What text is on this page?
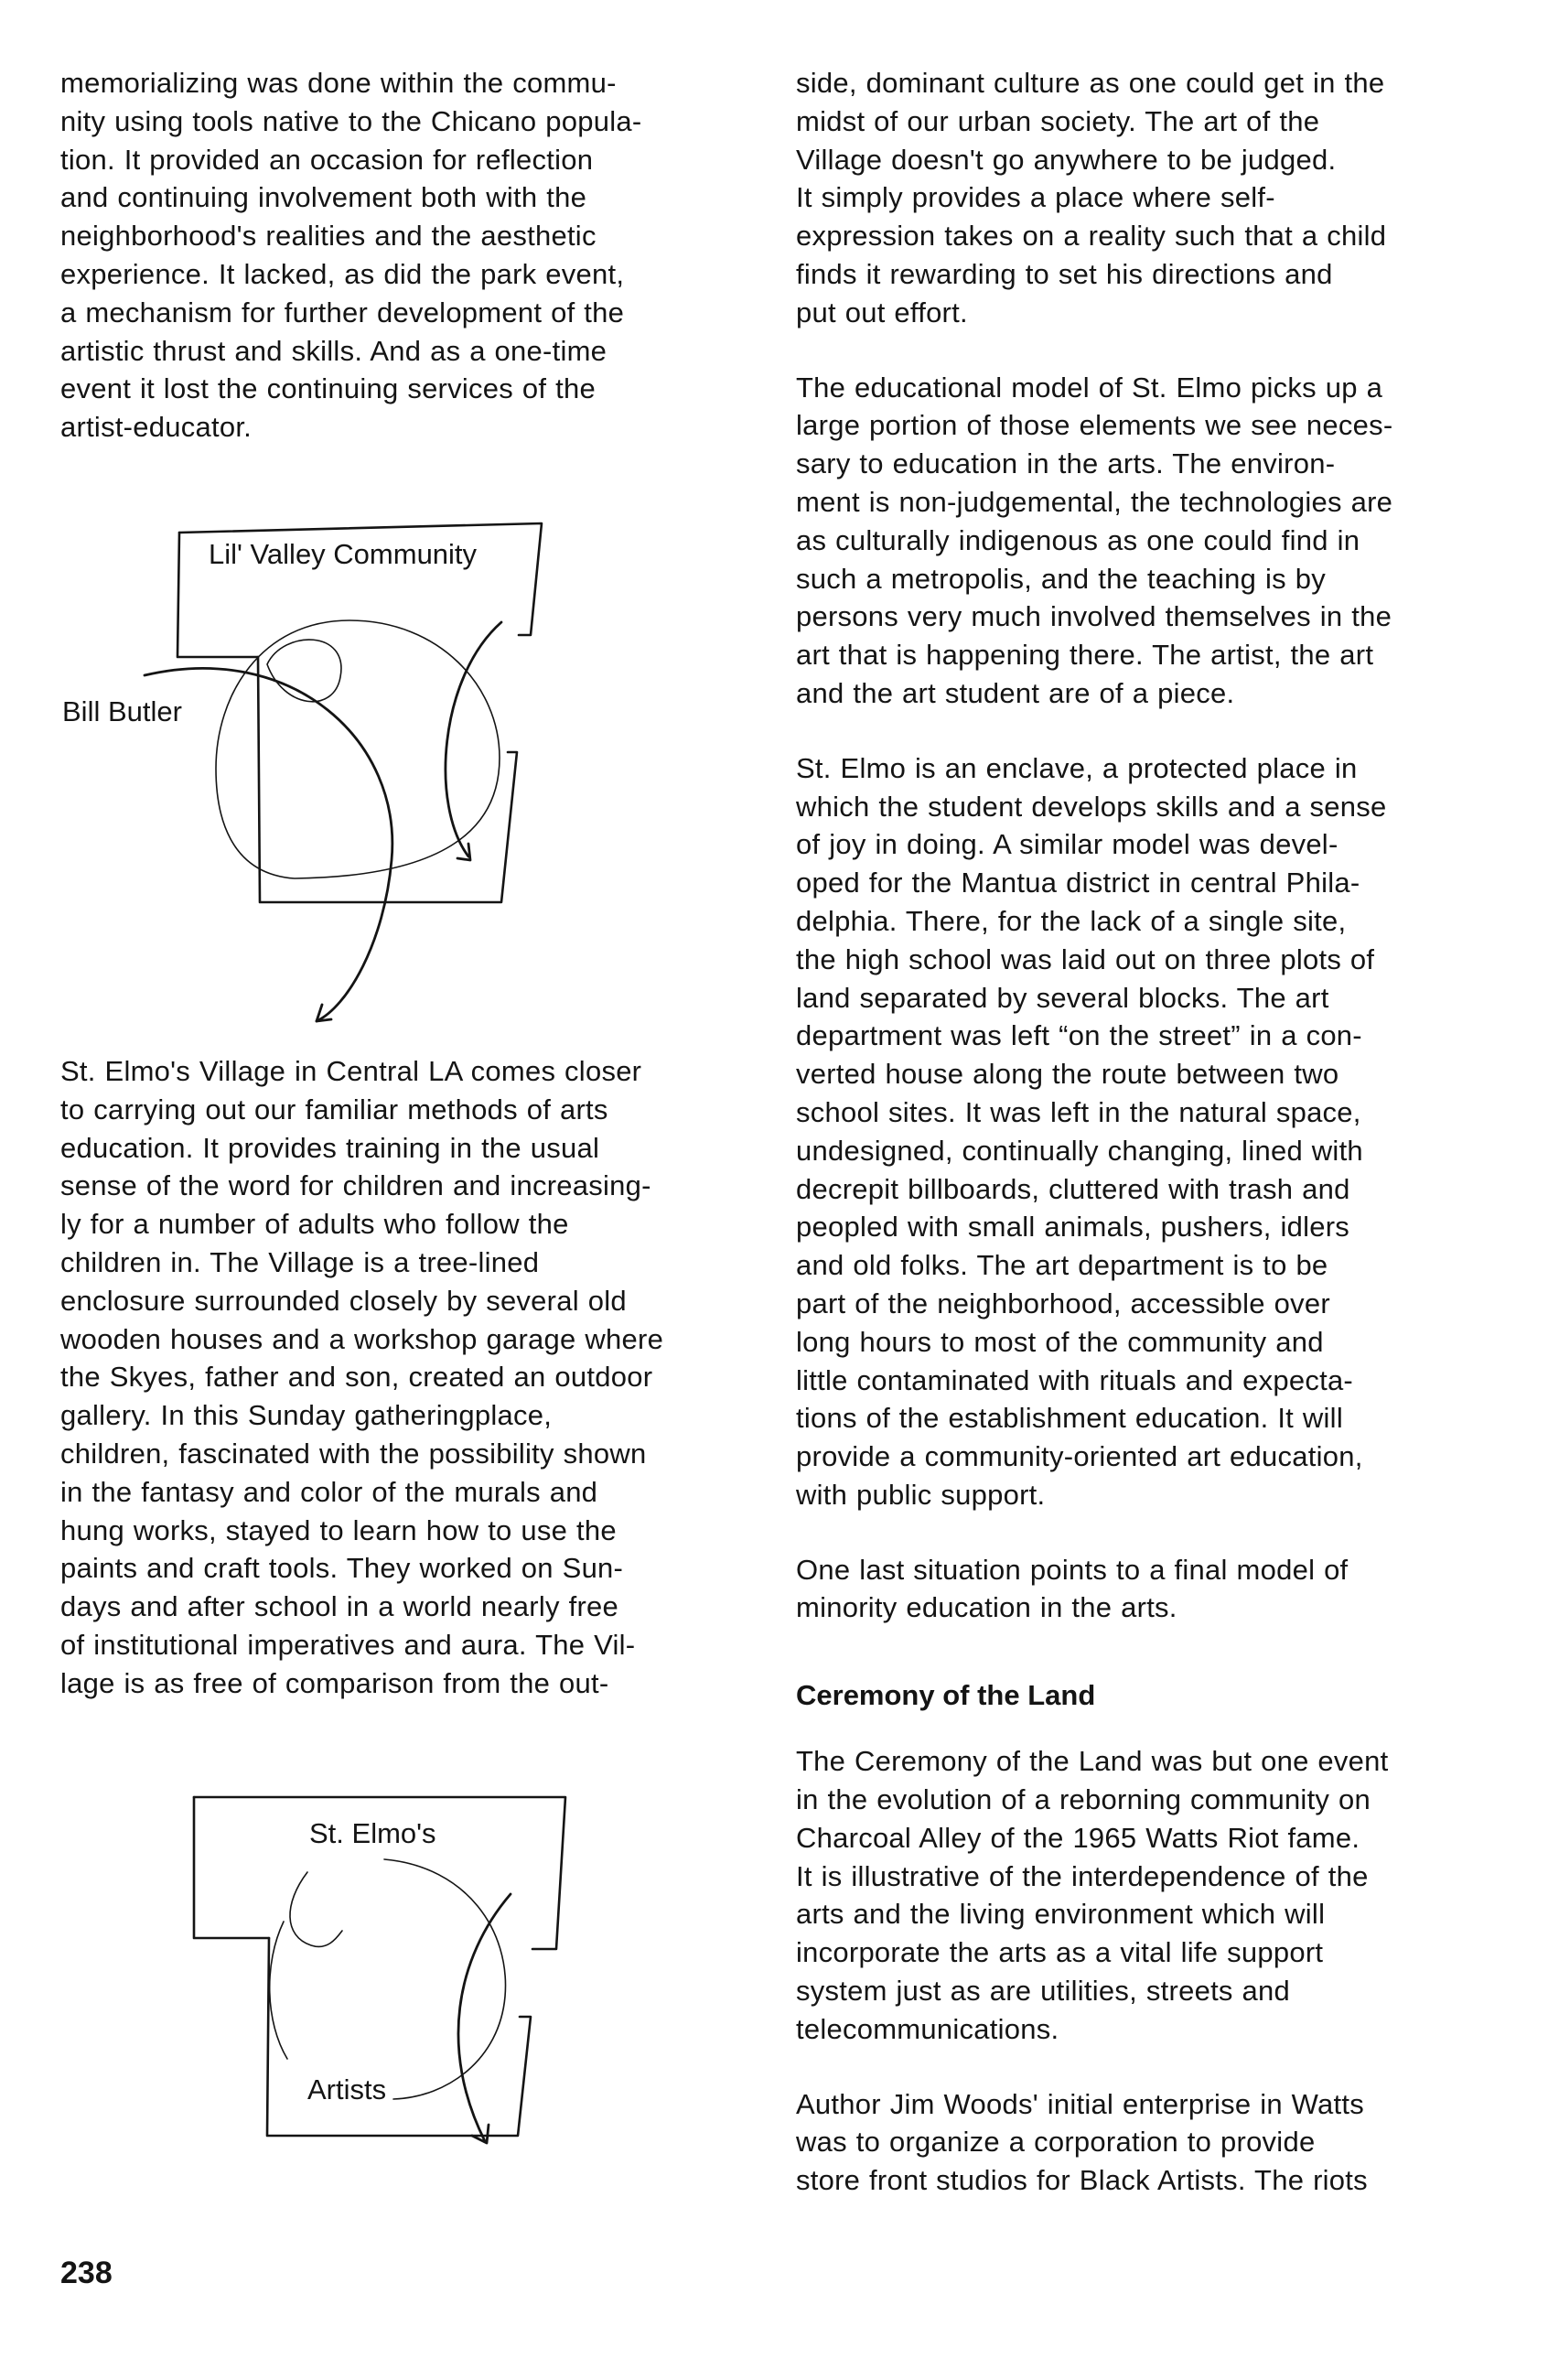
memorializing was done within the commu-
nity using tools native to the Chicano popula-
tion. It provided an occasion for reflection
and continuing involvement both with the
neighborhood's realities and the aesthetic
experience. It lacked, as did the park event,
a mechanism for further development of the
artistic thrust and skills. And as a one-time
event it lost the continuing services of the
artist-educator.

Lil' Valley Community
Bill Butler

St. Elmo's Village in Central LA comes closer
to carrying out our familiar methods of arts
education. It provides training in the usual
sense of the word for children and increasing-
ly for a number of adults who follow the
children in. The Village is a tree-lined
enclosure surrounded closely by several old
wooden houses and a workshop garage where
the Skyes, father and son, created an outdoor
gallery. In this Sunday gatheringplace,
children, fascinated with the possibility shown
in the fantasy and color of the murals and
hung works, stayed to learn how to use the
paints and craft tools. They worked on Sun-
days and after school in a world nearly free
of institutional imperatives and aura. The Vil-
lage is as free of comparison from the out-

St. Elmo's
Artists

side, dominant culture as one could get in the
midst of our urban society. The art of the
Village doesn't go anywhere to be judged.
It simply provides a place where self-
expression takes on a reality such that a child
finds it rewarding to set his directions and
put out effort.

The educational model of St. Elmo picks up a
large portion of those elements we see neces-
sary to education in the arts. The environ-
ment is non-judgemental, the technologies are
as culturally indigenous as one could find in
such a metropolis, and the teaching is by
persons very much involved themselves in the
art that is happening there. The artist, the art
and the art student are of a piece.

St. Elmo is an enclave, a protected place in
which the student develops skills and a sense
of joy in doing. A similar model was devel-
oped for the Mantua district in central Phila-
delphia. There, for the lack of a single site,
the high school was laid out on three plots of
land separated by several blocks. The art
department was left “on the street” in a con-
verted house along the route between two
school sites. It was left in the natural space,
undesigned, continually changing, lined with
decrepit billboards, cluttered with trash and
peopled with small animals, pushers, idlers
and old folks. The art department is to be
part of the neighborhood, accessible over
long hours to most of the community and
little contaminated with rituals and expecta-
tions of the establishment education. It will
provide a community-oriented art education,
with public support.

One last situation points to a final model of
minority education in the arts.

Ceremony of the Land

The Ceremony of the Land was but one event
in the evolution of a reborning community on
Charcoal Alley of the 1965 Watts Riot fame.
It is illustrative of the interdependence of the
arts and the living environment which will
incorporate the arts as a vital life support
system just as are utilities, streets and
telecommunications.

Author Jim Woods' initial enterprise in Watts
was to organize a corporation to provide
store front studios for Black Artists. The riots

238
